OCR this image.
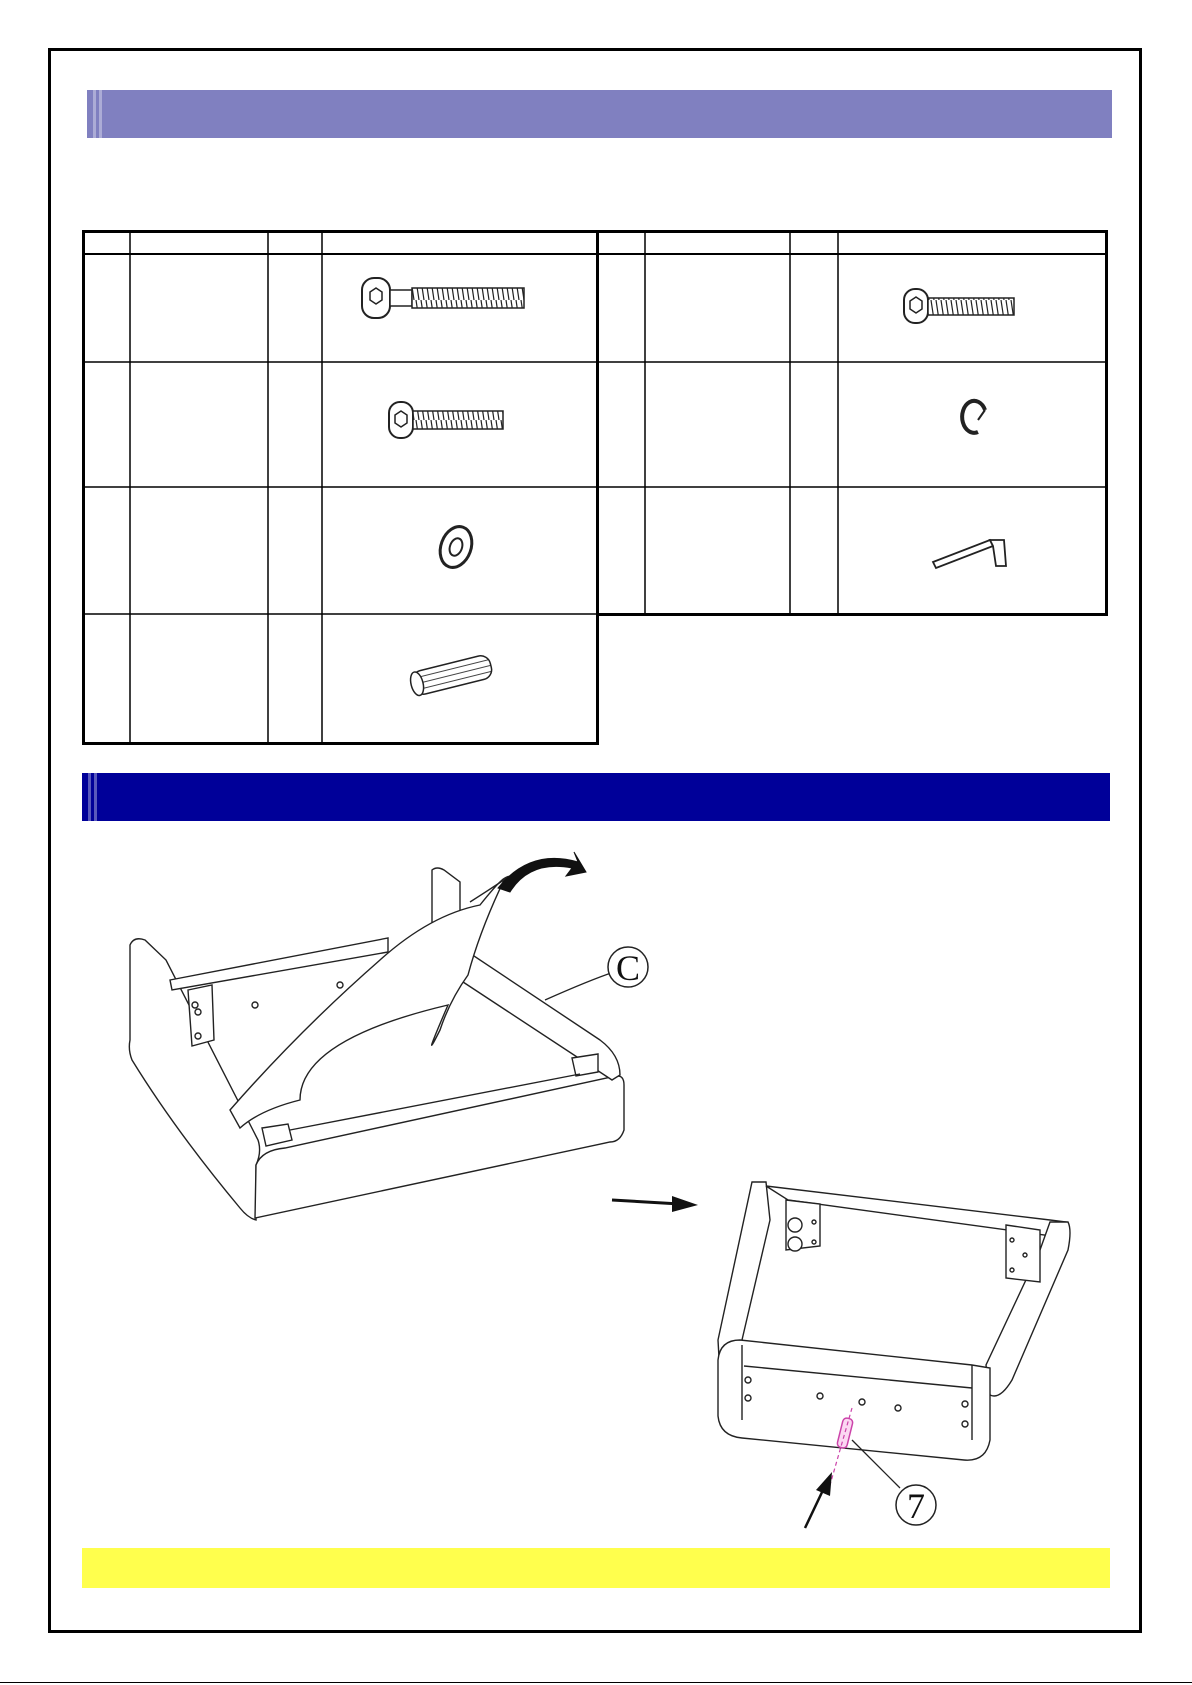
C
7
